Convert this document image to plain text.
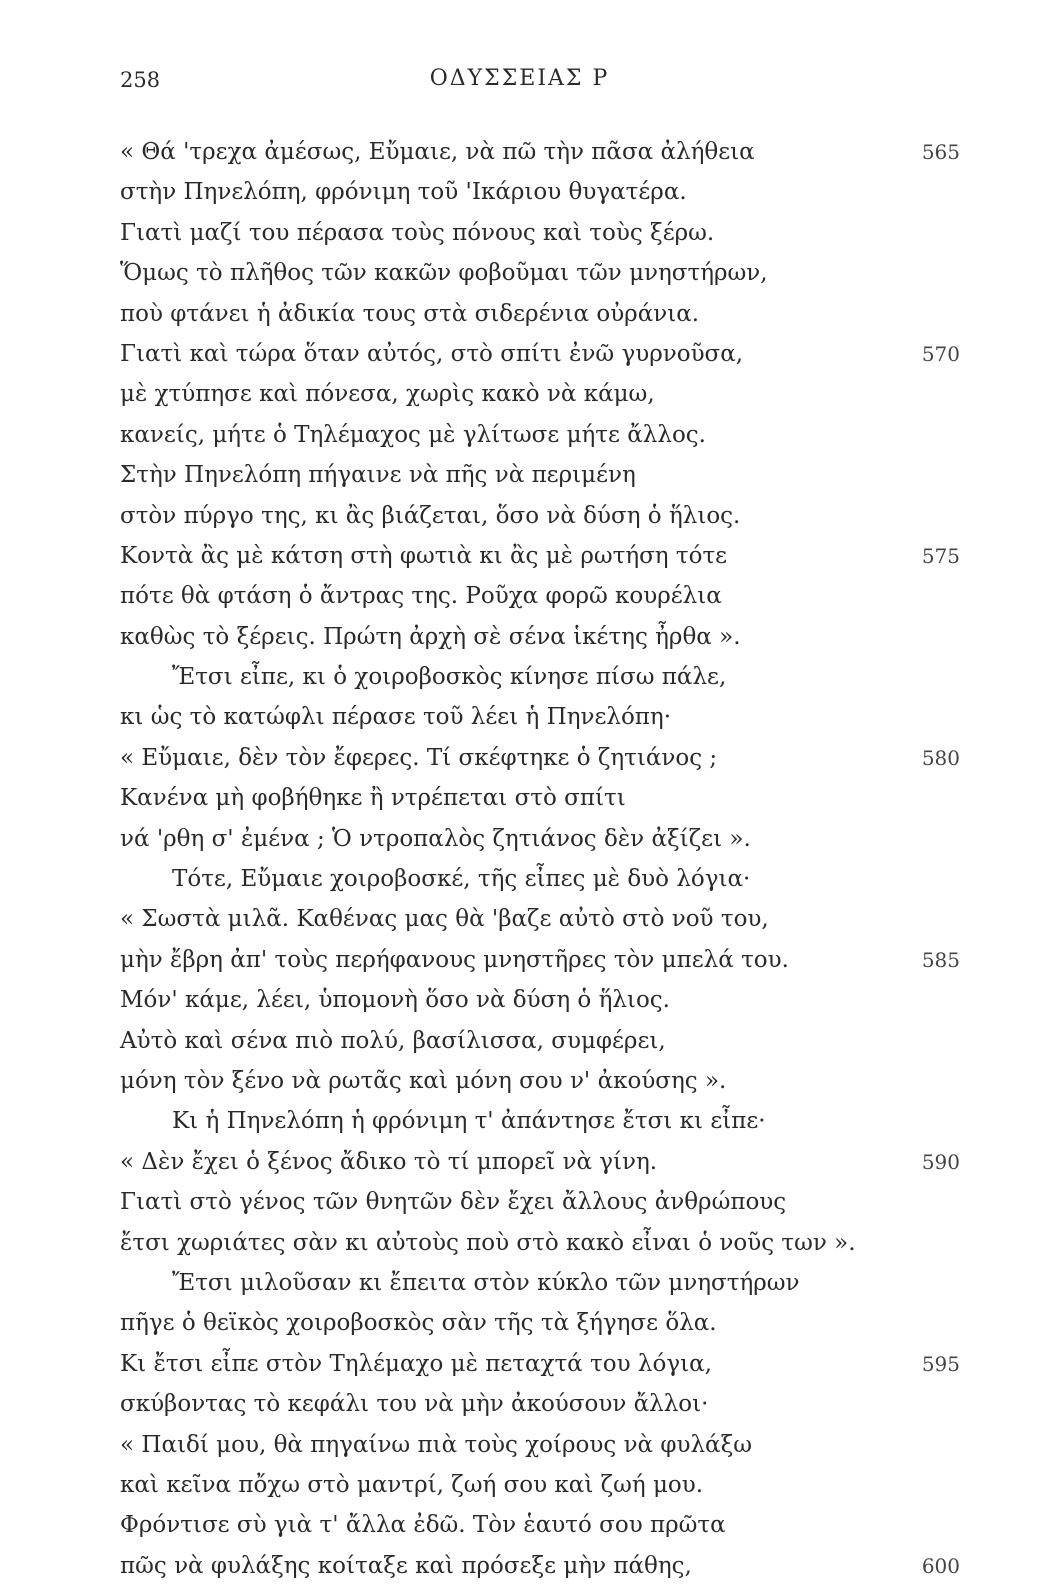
258	ΟΔΥΣΣΕΙΑΣ Ρ
« Θά 'τρεχα ἀμέσως, Εὔμαιε, νὰ πῶ τὴν πᾶσα ἀλήθεια	565
στὴν Πηνελόπη, φρόνιμη τοῦ 'Ικάριου θυγατέρα.
Γιατὶ μαζί του πέρασα τοὺς πόνους καὶ τοὺς ξέρω.
Ὅμως τὸ πλῆθος τῶν κακῶν φοβοῦμαι τῶν μνηστήρων,
ποὺ φτάνει ἡ ἀδικία τους στὰ σιδερένια οὐράνια.
Γιατὶ καὶ τώρα ὅταν αὐτός, στὸ σπίτι ἐνῶ γυρνοῦσα,	570
μὲ χτύπησε καὶ πόνεσα, χωρὶς κακὸ νὰ κάμω,
κανείς, μήτε ὁ Τηλέμαχος μὲ γλίτωσε μήτε ἄλλος.
Στὴν Πηνελόπη πήγαινε νὰ πῆς νὰ περιμένη
στὸν πύργο της, κι ἂς βιάζεται, ὅσο νὰ δύση ὁ ἥλιος.
Κοντὰ ἂς μὲ κάτση στὴ φωτιὰ κι ἂς μὲ ρωτήση τότε	575
πότε θὰ φτάση ὁ ἄντρας της. Ροῦχα φορῶ κουρέλια
καθὼς τὸ ξέρεις. Πρώτη ἀρχὴ σὲ σένα ἱκέτης ἦρθα ».
Ἔτσι εἶπε, κι ὁ χοιροβοσκὸς κίνησε πίσω πάλε,
κι ὡς τὸ κατώφλι πέρασε τοῦ λέει ἡ Πηνελόπη·
« Εὔμαιε, δὲν τὸν ἔφερες. Τί σκέφτηκε ὁ ζητιάνος ;	580
Κανένα μὴ φοβήθηκε ἢ ντρέπεται στὸ σπίτι
νά 'ρθη σ' ἐμένα ; Ὁ ντροπαλὸς ζητιάνος δὲν ἀξίζει ».
Τότε, Εὔμαιε χοιροβοσκέ, τῆς εἶπες μὲ δυὸ λόγια·
« Σωστὰ μιλᾶ. Καθένας μας θὰ 'βαζε αὐτὸ στὸ νοῦ του,
μὴν ἔβρη ἀπ' τοὺς περήφανους μνηστῆρες τὸν μπελά του.	585
Μόν' κάμε, λέει, ὑπομονὴ ὅσο νὰ δύση ὁ ἥλιος.
Αὐτὸ καὶ σένα πιὸ πολύ, βασίλισσα, συμφέρει,
μόνη τὸν ξένο νὰ ρωτᾶς καὶ μόνη σου ν' ἀκούσης ».
Κι ἡ Πηνελόπη ἡ φρόνιμη τ' ἀπάντησε ἔτσι κι εἶπε·
« Δὲν ἔχει ὁ ξένος ἄδικο τὸ τί μπορεῖ νὰ γίνη.	590
Γιατὶ στὸ γένος τῶν θνητῶν δὲν ἔχει ἄλλους ἀνθρώπους
ἔτσι χωριάτες σὰν κι αὐτοὺς ποὺ στὸ κακὸ εἶναι ὁ νοῦς των ».
Ἔτσι μιλοῦσαν κι ἔπειτα στὸν κύκλο τῶν μνηστήρων
πῆγε ὁ θεϊκὸς χοιροβοσκὸς σὰν τῆς τὰ ξήγησε ὅλα.
Κι ἔτσι εἶπε στὸν Τηλέμαχο μὲ πεταχτά του λόγια,	595
σκύβοντας τὸ κεφάλι του νὰ μὴν ἀκούσουν ἄλλοι·
« Παιδί μου, θὰ πηγαίνω πιὰ τοὺς χοίρους νὰ φυλάξω
καὶ κεῖνα πὄχω στὸ μαντρί, ζωή σου καὶ ζωή μου.
Φρόντισε σὺ γιὰ τ' ἄλλα ἐδῶ. Τὸν ἑαυτό σου πρῶτα
πῶς νὰ φυλάξης κοίταξε καὶ πρόσεξε μὴν πάθης,	600
